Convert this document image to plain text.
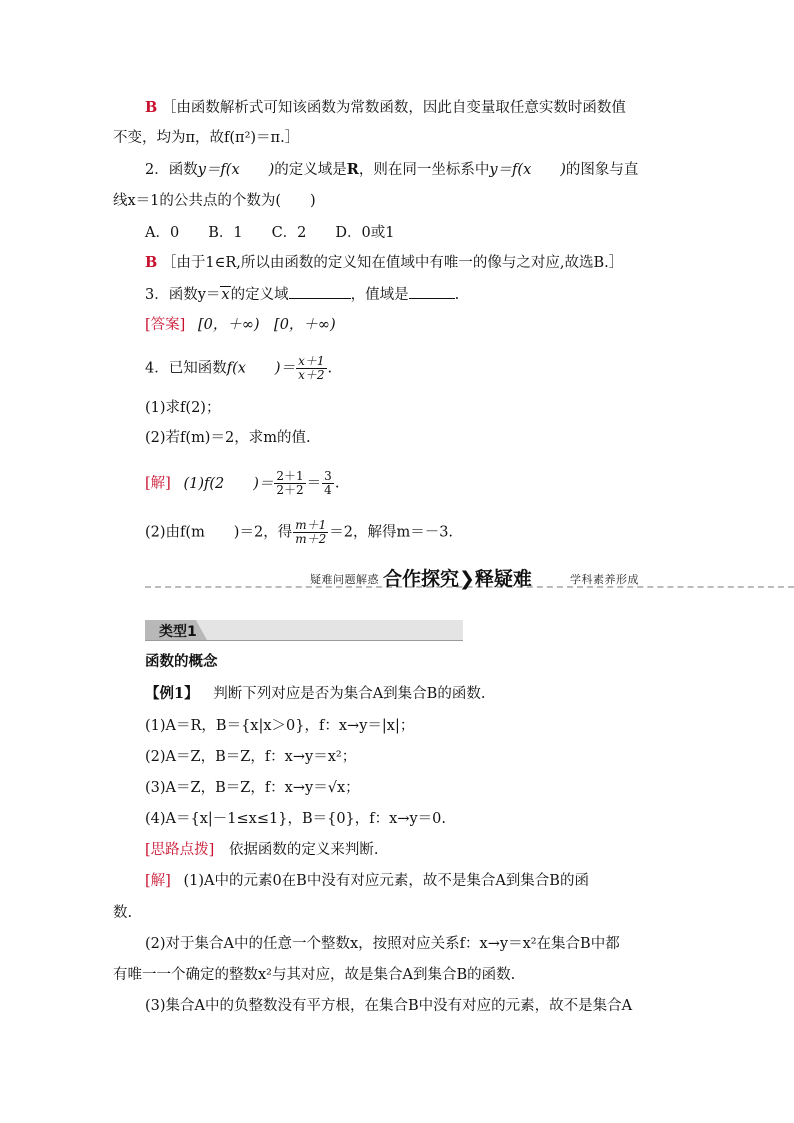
B ［由函数解析式可知该函数为常数函数，因此自变量取任意实数时函数值
不变，均为π，故f(π²)＝π.］
2．函数y＝f(x　　)的定义域是R，则在同一坐标系中y＝f(x　　)的图象与直
线x＝1的公共点的个数为(　　)
A．0　　B．1　　C．2　　D．0或1
B ［由于1∈R,所以由函数的定义知在值域中有唯一的像与之对应,故选B.］
3．函数y＝x的定义域	，值域是	.
[答案] [0，＋∞)　[0，＋∞)
4．已知函数f(x　　)＝ $\frac{x+1}{x+2}$ .
(1)求f(2)；
(2)若f(m)＝2，求m的值.
[解] (1)f(2　　)＝ $\frac{2+1}{2+2} = \frac{3}{4}$ .
(2)由f(m　　)＝2，得 $\frac{m+1}{m+2} =2$，解得m＝－3.
疑难问题解惑 合作探究❯释疑难	学科素养形成
类型1
函数的概念
【例1】 判断下列对应是否为集合A到集合B的函数.
(1)A＝R，B＝{x|x＞0}，f：x→y＝|x|；
(2)A＝Z，B＝Z，f：x→y＝x²；
(3)A＝Z，B＝Z，f：x→y＝√x；
(4)A＝{x|－1≤x≤1}，B＝{0}，f：x→y＝0.
[思路点拨] 依据函数的定义来判断.
[解] (1)A中的元素0在B中没有对应元素，故不是集合A到集合B的函
数.
(2)对于集合A中的任意一个整数x，按照对应关系f：x→y＝x²在集合B中都
有唯一一个确定的整数x²与其对应，故是集合A到集合B的函数.
(3)集合A中的负整数没有平方根，在集合B中没有对应的元素，故不是集合A
